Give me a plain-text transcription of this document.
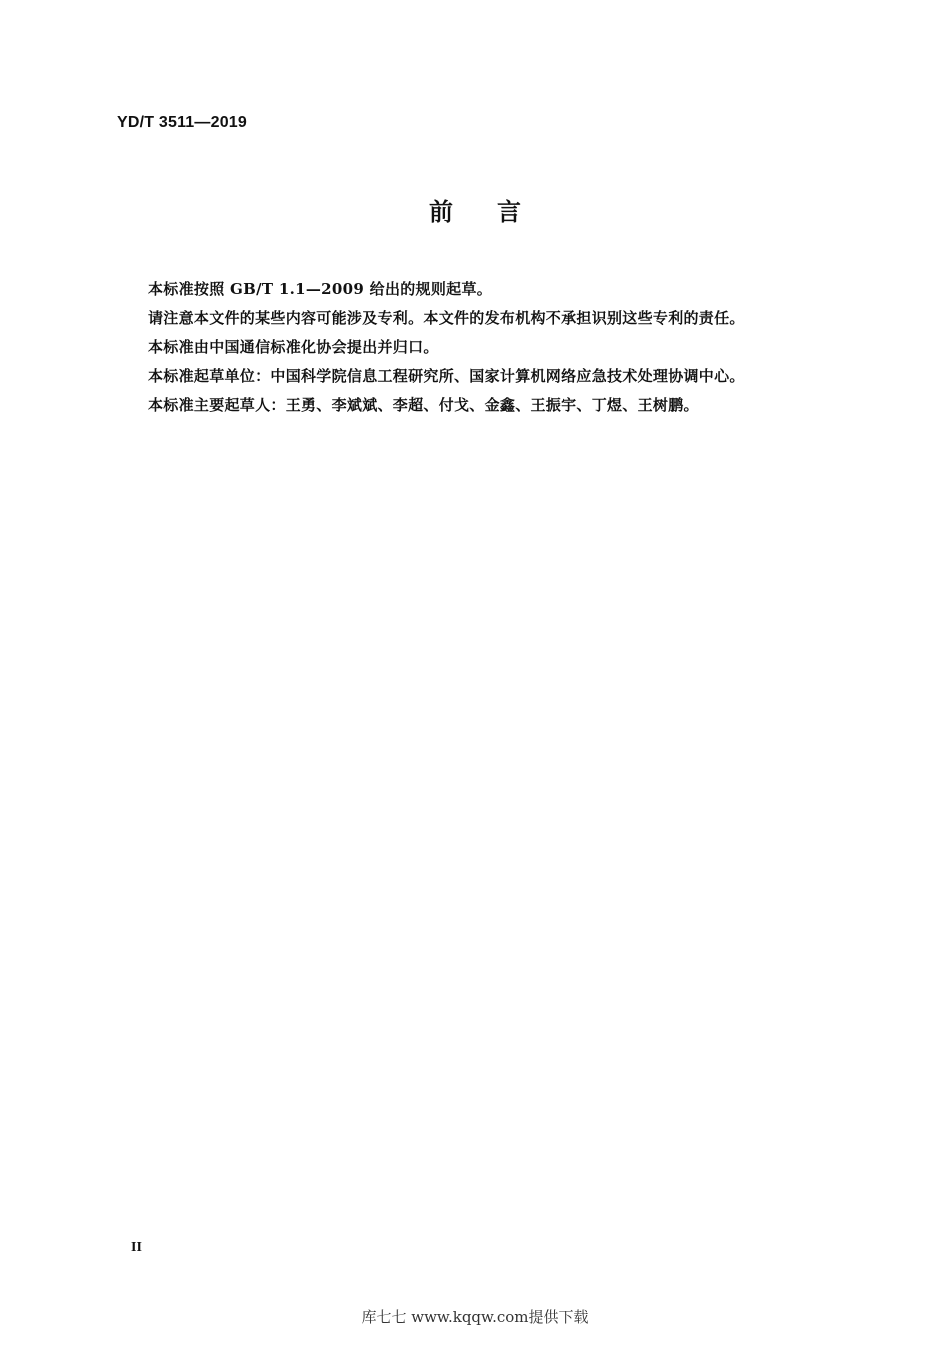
YD/T 3511—2019
前言
本标准按照 GB/T 1.1—2009 给出的规则起草。
请注意本文件的某些内容可能涉及专利。本文件的发布机构不承担识别这些专利的责任。
本标准由中国通信标准化协会提出并归口。
本标准起草单位：中国科学院信息工程研究所、国家计算机网络应急技术处理协调中心。
本标准主要起草人：王勇、李斌斌、李超、付戈、金鑫、王振宇、丁煜、王树鹏。
II
库七七 www.kqqw.com提供下载
